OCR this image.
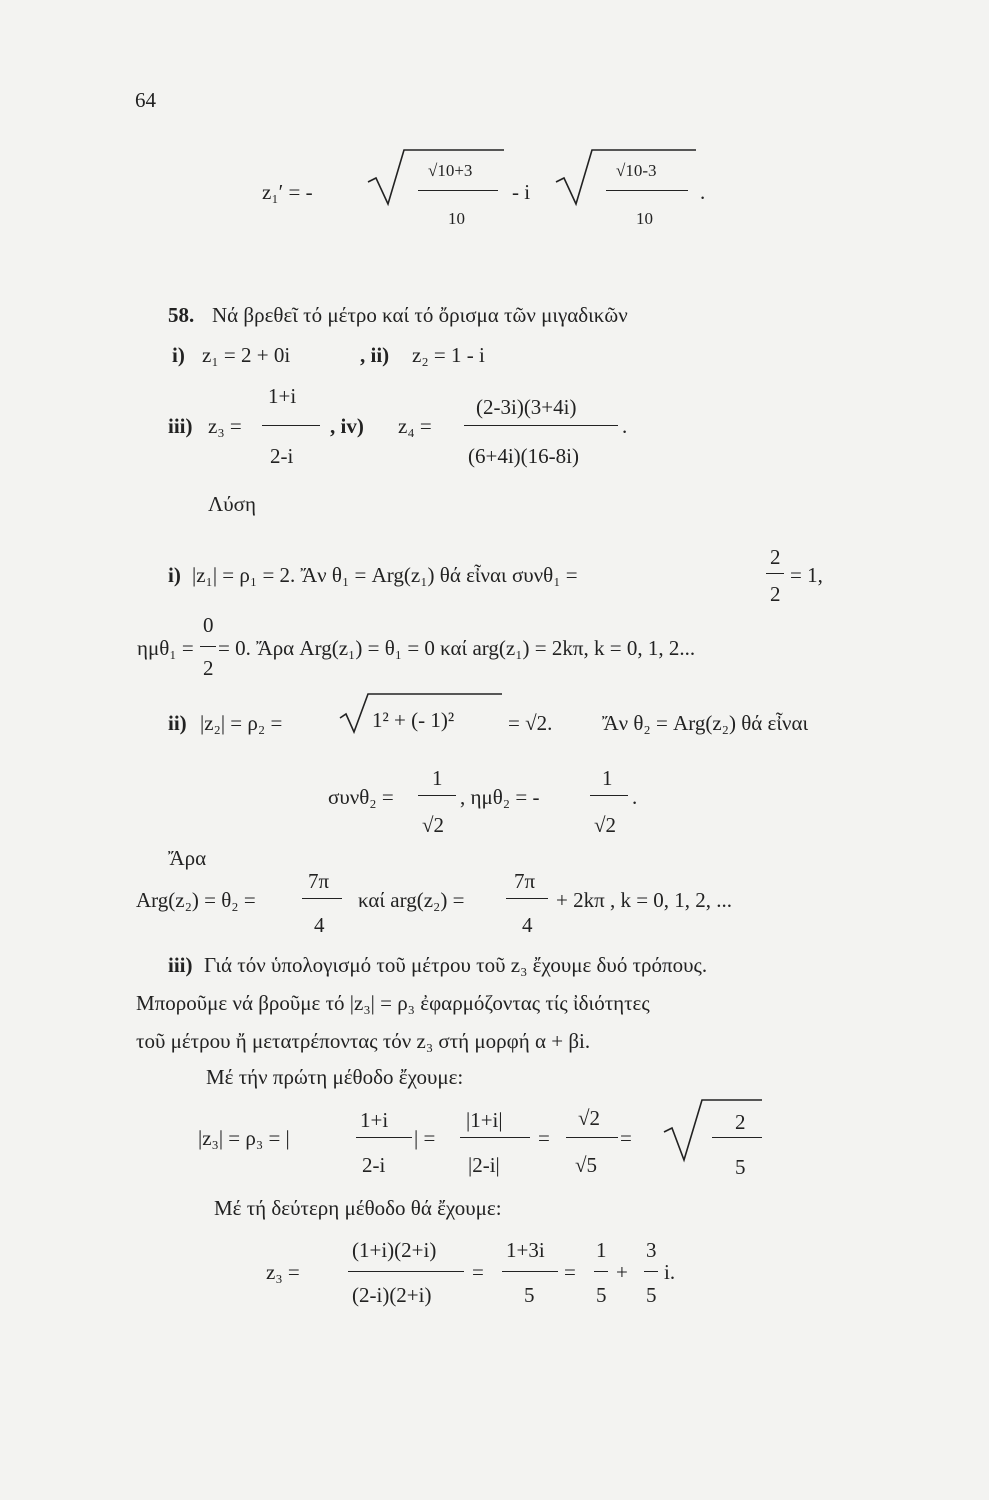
64
z₁′ = -
√10+3
10
- i
√10-3
10
.
58. Νά βρεθεῖ τό μέτρο καί τό ὄρισμα τῶν μιγαδικῶν
i) z₁ = 2 + 0i	, ii) z₂ = 1 - i
iii) z₃ =
1+i
2-i
, iv) z₄ =
(2-3i)(3+4i)
(6+4i)(16-8i)
.
Λύση
i) |z₁| = ρ₁ = 2. Ἄν θ₁ = Arg(z₁) θά εἶναι συνθ₁ =
2
2
= 1,
ημθ₁ =
0
2
= 0. Ἄρα Arg(z₁) = θ₁ = 0 καί arg(z₁) = 2kπ, k = 0, 1, 2...
ii) |z₂| = ρ₂ =	1² + (- 1)²	= √2. Ἄν θ₂ = Arg(z₂) θά εἶναι
συνθ₂ =
1
√2
, ημθ₂ = -
1
√2
.
Ἄρα
Arg(z₂) = θ₂ =
7π
4
καί arg(z₂) =
7π
4
+ 2kπ , k = 0, 1, 2, ...
iii) Γιά τόν ὑπολογισμό τοῦ μέτρου τοῦ z₃ ἔχουμε δυό τρόπους.
Μποροῦμε νά βροῦμε τό |z₃| = ρ₃ ἐφαρμόζοντας τίς ἰδιότητες
τοῦ μέτρου ἤ μετατρέποντας τόν z₃ στή μορφή α + βi.
Μέ τήν πρώτη μέθοδο ἔχουμε:
|z₃| = ρ₃ = |
1+i
2-i
| =
|1+i|
|2-i|
=
√2
√5
=
2
5
Μέ τή δεύτερη μέθοδο θά ἔχουμε:
z₃ =
(1+i)(2+i)
(2-i)(2+i)
=
1+3i
5
=
1
5
+
3
5
i.
